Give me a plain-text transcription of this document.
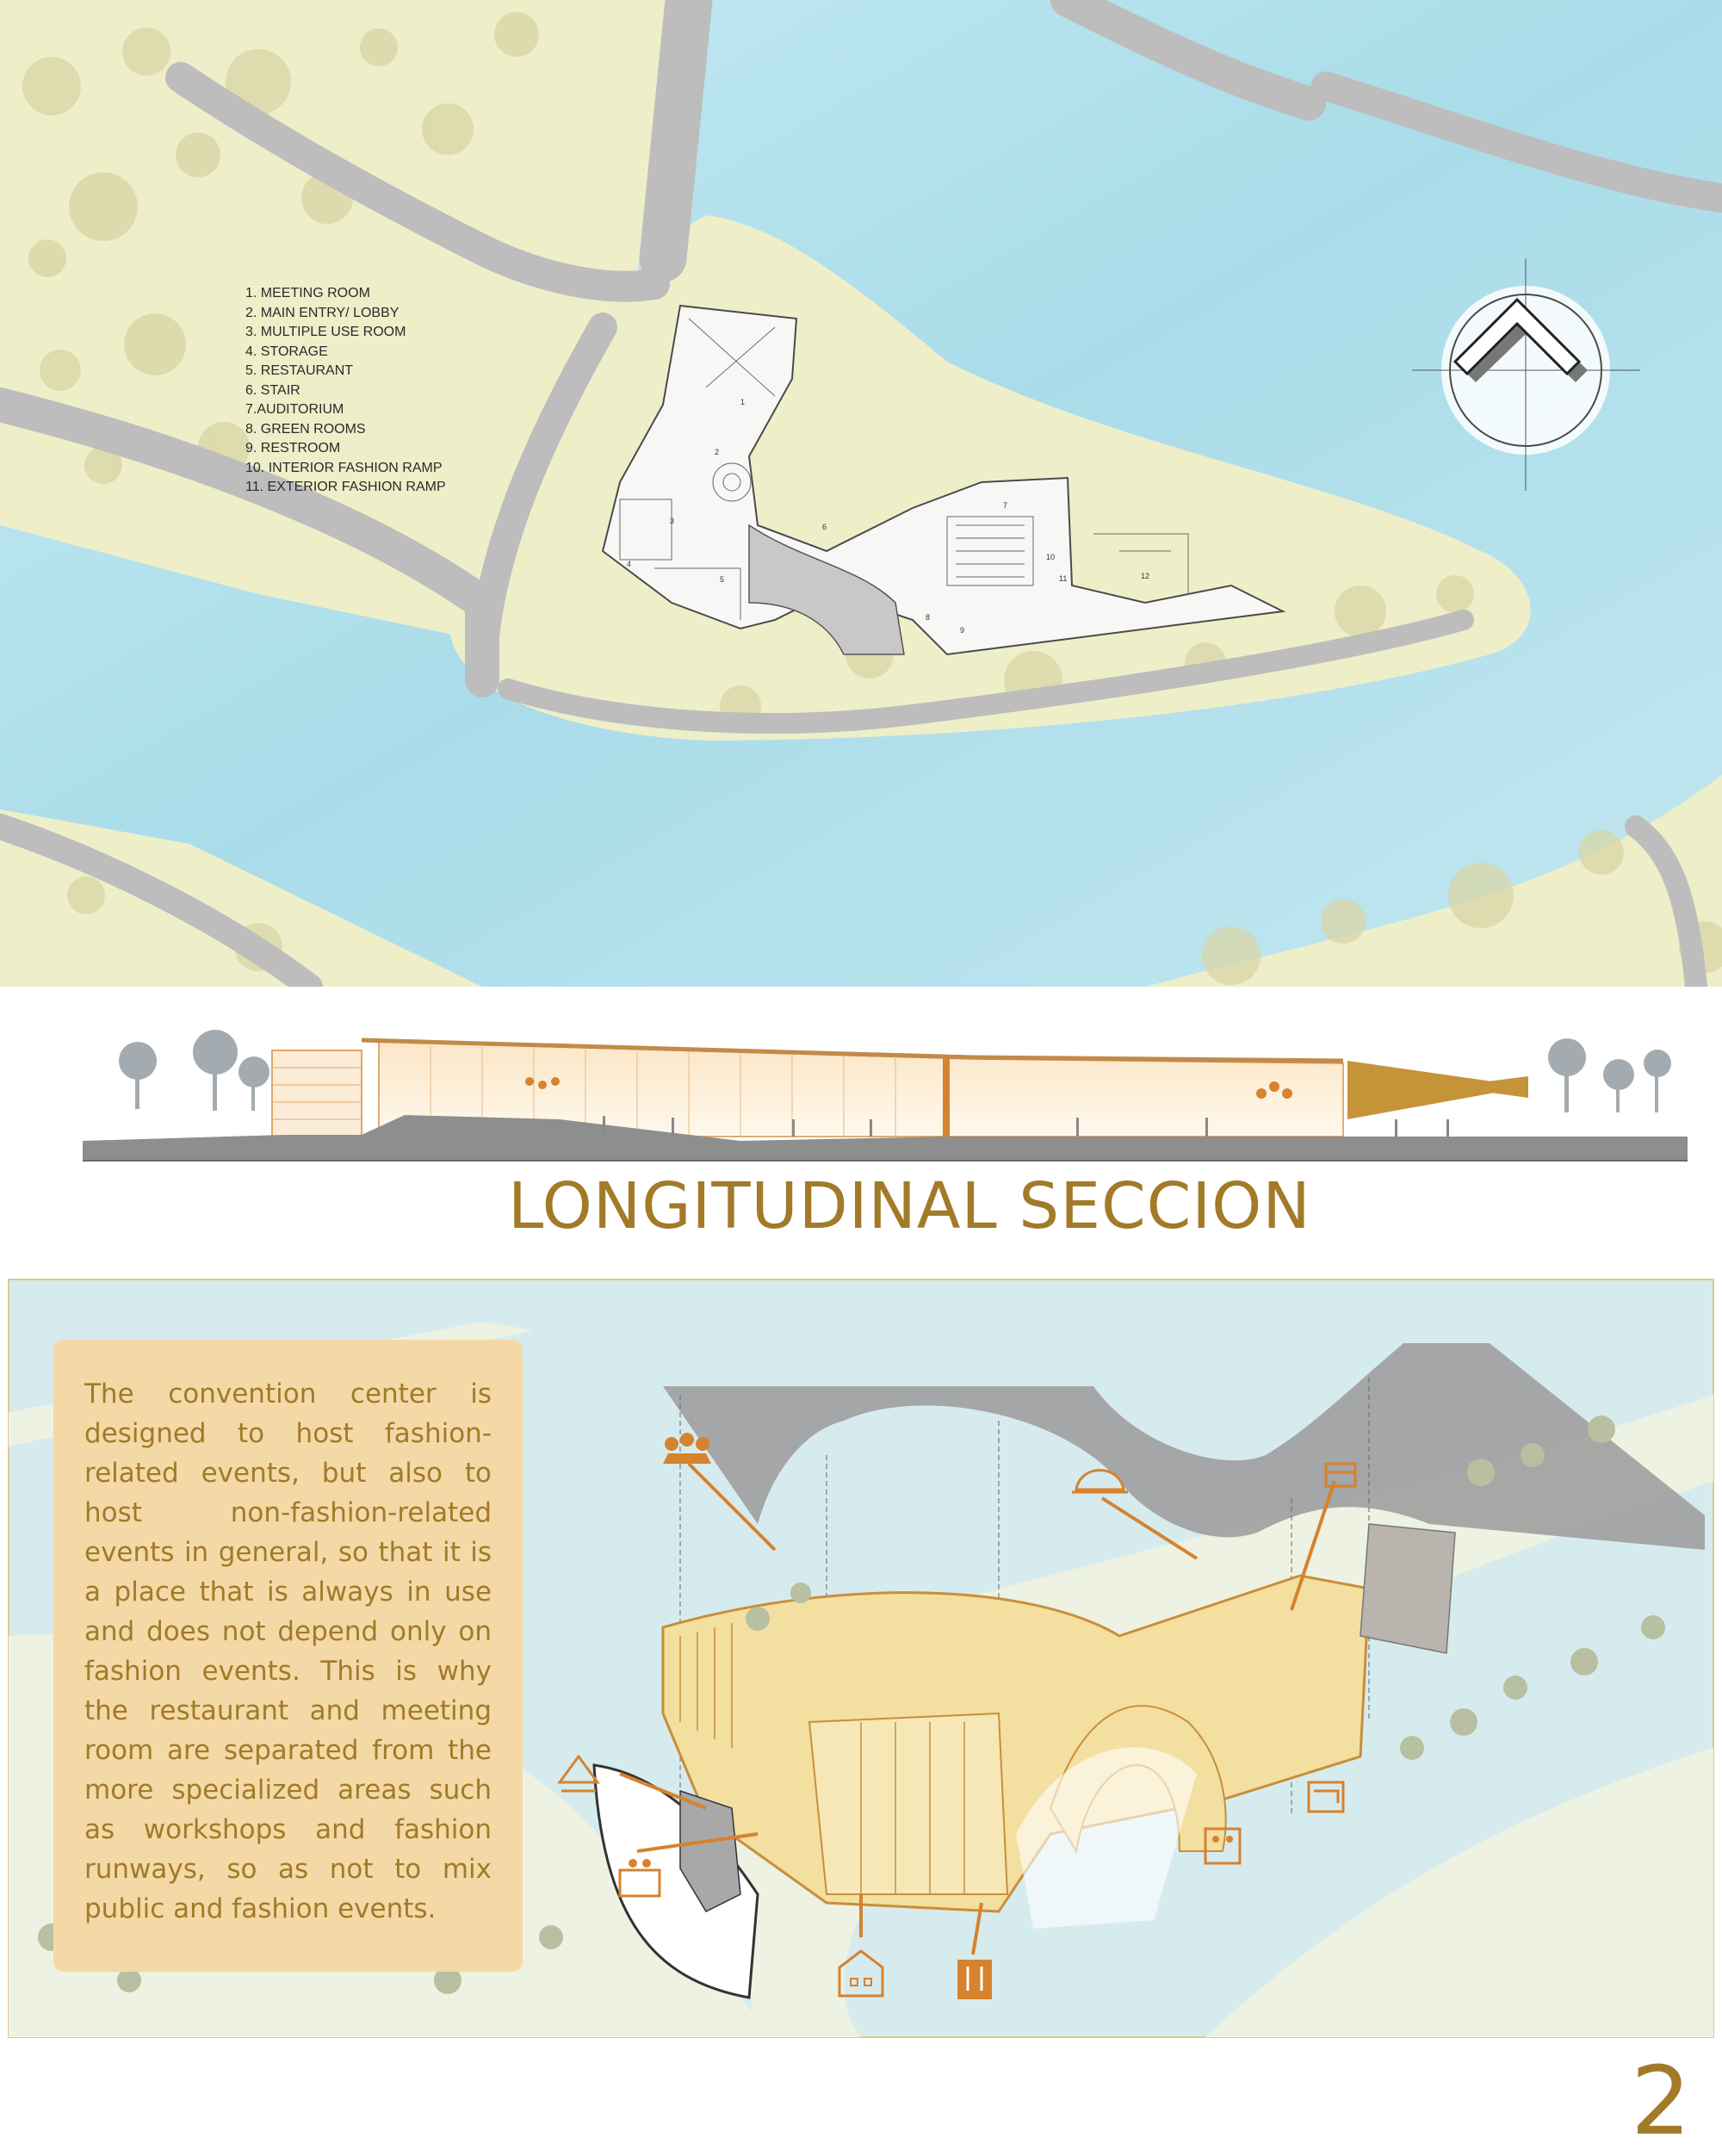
1
2
3
4
5
6
7
8
9
10
11	12
1. MEETING ROOM
2. MAIN ENTRY/ LOBBY
3. MULTIPLE USE ROOM
4. STORAGE
5. RESTAURANT
6. STAIR
7.AUDITORIUM
8. GREEN ROOMS
9. RESTROOM
10. INTERIOR FASHION RAMP
11. EXTERIOR FASHION RAMP
LONGITUDINAL SECCION

The convention center is designed to host fashion-related events, but also to host non-fashion-related events in general, so that it is a place that is always in use and does not depend only on fashion events. This is why the restaurant and meeting room are separated from the more specialized areas such as workshops and fashion runways, so as not to mix public and fashion events.

2
